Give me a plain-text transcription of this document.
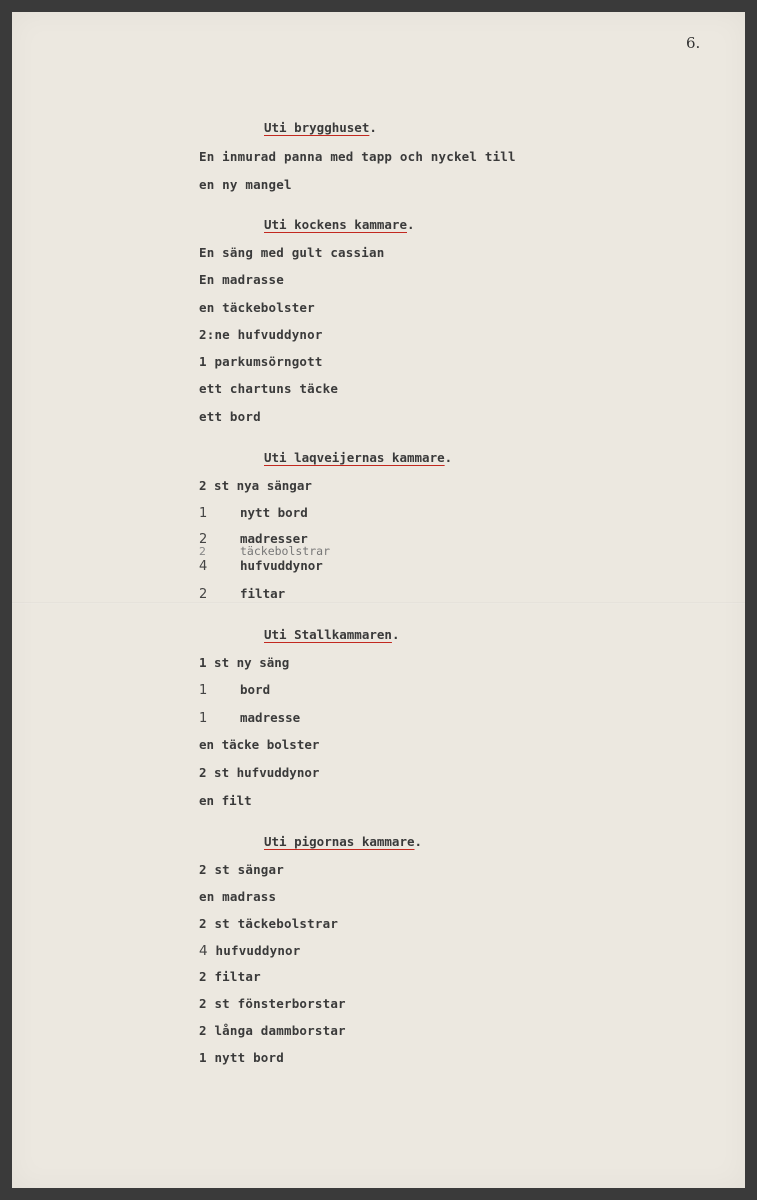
6.
Uti brygghuset.
En inmurad panna med tapp och nyckel till
en ny mangel
Uti kockens kammare.
En säng med gult cassian
En madrasse
en täckebolster
2:ne hufvuddynor
1 parkumsörngott
ett chartuns täcke
ett bord
Uti laqveijernas kammare.
2 st nya sängar
1	nytt bord
2	madresser
2	täckebolstrar
4	hufvuddynor
2	filtar
Uti Stallkammaren.
1 st ny säng
1	bord
1	madresse
en täcke bolster
2 st hufvuddynor
en filt
Uti pigornas kammare.
2 st sängar
en madrass
2 st täckebolstrar
4 hufvuddynor
2 filtar
2 st fönsterborstar
2 långa dammborstar
1 nytt bord
